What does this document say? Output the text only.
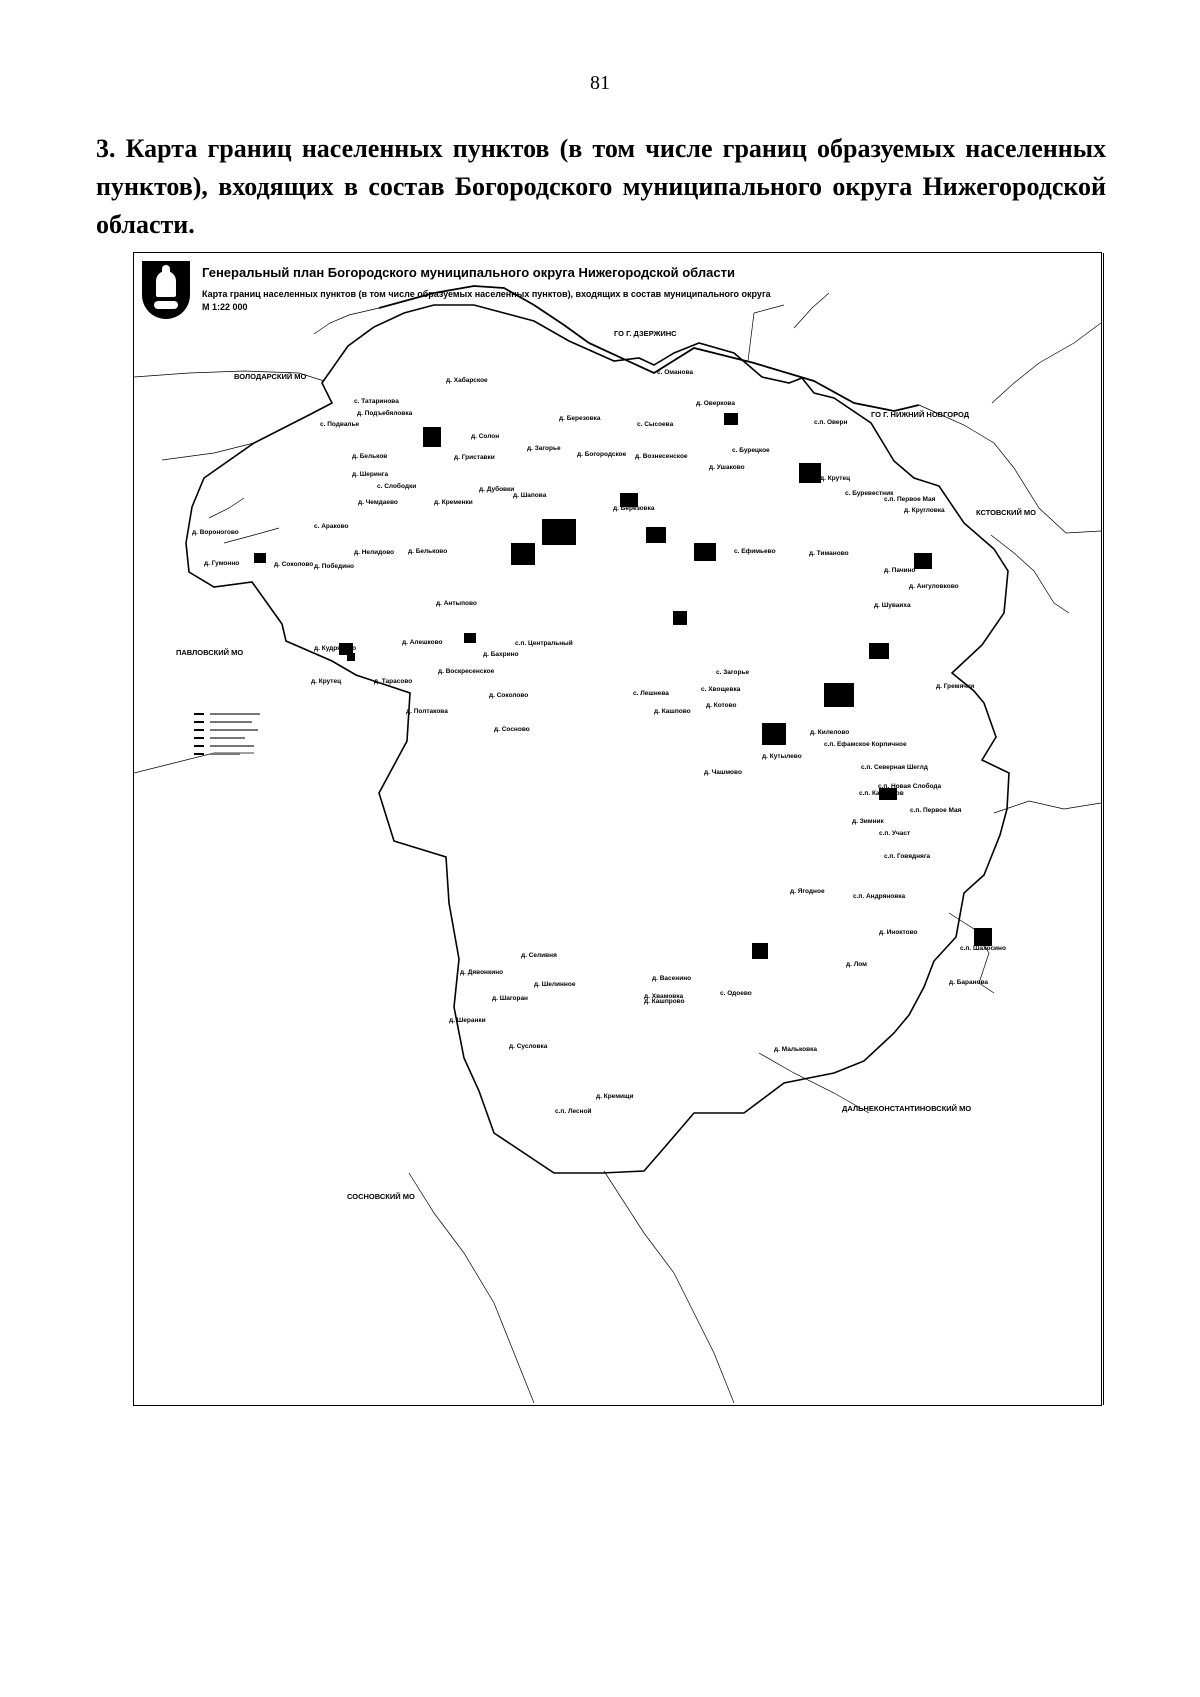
81
3. Карта границ населенных пунктов (в том числе границ образуемых населенных пунктов), входящих в состав Богородского муниципального округа Нижегородской области.
Генеральный план Богородского муниципального округа Нижегородской области
Карта границ населенных пунктов (в том числе образуемых населенных пунктов), входящих в состав муниципального округа
М 1:22 000
ГО Г. ДЗЕРЖИНС
ВОЛОДАРСКИЙ МО
ГО Г. НИЖНИЙ НОВГОРОД
КСТОВСКИЙ МО
ПАВЛОВСКИЙ МО
ДАЛЬНЕКОНСТАНТИНОВСКИЙ МО
СОСНОВСКИЙ МО
с. Оманова
д. Хабарское
с. Татаринова
с. Подвалье
д. Подъебяловка
д. Березовка
д. Солон
с. Сысоева
д. Оверкова
с.п. Оверн
д. Бельков	д. Гриставки
д. Загорье
д. Богородское д. Вознесенское
д. Шеринга
с. Слободки
д. Чемдаево	д. Кременки
д. Дубовки
д. Шапова
д. Березовка
д. Ушаково
с. Бурецкое
д. Крутец
с. Буревестник
с.п. Первое Мая
д. Кругловка
с. Араково
д. Вороногово
д. Гумонно	д. Соколово д. Победино
д. Нелидово д. Бельково	с. Ефимьево	д. Тиманово
д. Пачино
д. Ангуловково
д. Шуваиха
д. Антыпово
с.п. Центральный
д. Бахрино
д. Алешково
д. Кудрякино
д. Крутец	д. Тарасово
д. Воскресенское
д. Соколово
д. Полтакова
д. Сосново
с. Лешнева
д. Кашпово
с. Загорье
с. Хвощевка
д. Котово
д. Гремячки
д. Килелово
с.п. Ефамское Корпичное
д. Кутылево
д. Чашмово
с.п. Северная Шеглд
с.п. Кашенков
с.п. Новая Слобода
с.п. Первое Мая
д. Зимник
с.п. Участ
с.п. Говядняга
д. Ягодное
с.п. Андряновка
д. Иноктово
с.п. Шахосино
д. Лом
д. Баранова
д. Селивня
д. Дявонкино
д. Шелинное
д. Васенино
д. Кашпрово
с. Одоево
д. Шагоран
д. Шеранки
д. Сусловка
д. Кремищи
с.п. Лесной
д. Хвамовка
д. Мальковка
